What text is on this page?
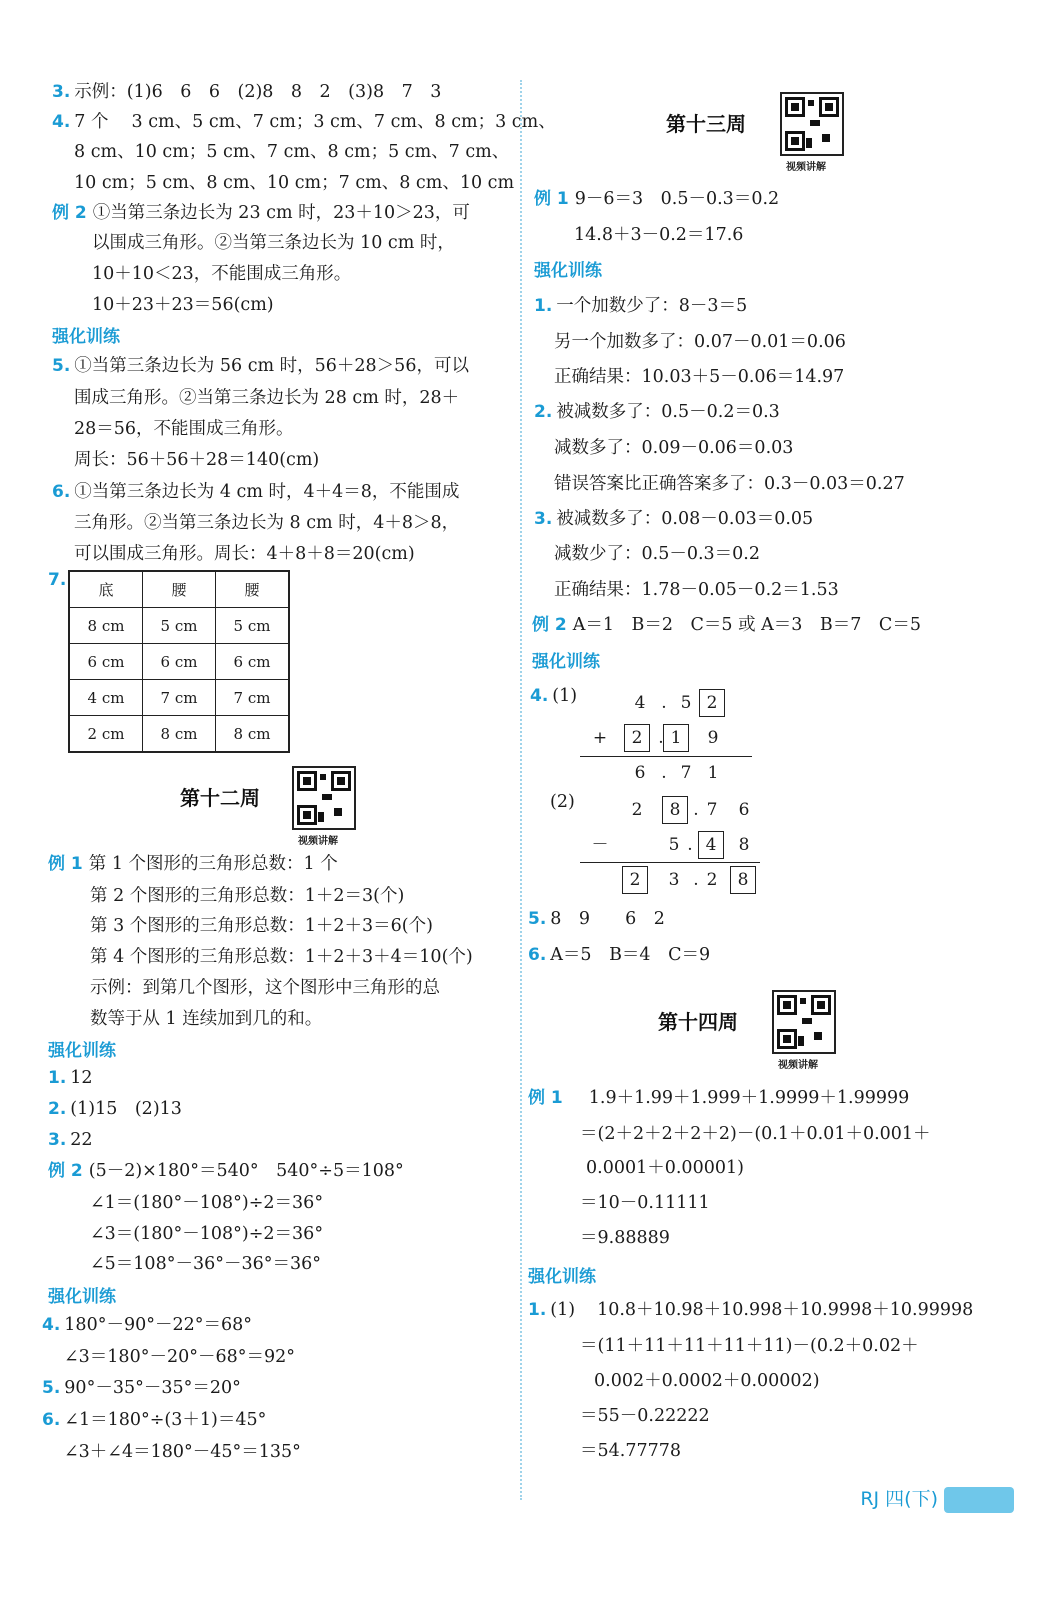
3. 示例：(1)6　6　6　(2)8　8　2　(3)8　7　3
4. 7 个　 3 cm、5 cm、7 cm；3 cm、7 cm、8 cm；3 cm、
8 cm、10 cm；5 cm、7 cm、8 cm；5 cm、7 cm、
10 cm；5 cm、8 cm、10 cm；7 cm、8 cm、10 cm
例 2 ①当第三条边长为 23 cm 时，23＋10＞23，可
以围成三角形。②当第三条边长为 10 cm 时，
10＋10＜23，不能围成三角形。
10＋23＋23＝56(cm)
强化训练
5. ①当第三条边长为 56 cm 时，56＋28＞56，可以
围成三角形。②当第三条边长为 28 cm 时，28＋
28＝56，不能围成三角形。
周长：56＋56＋28＝140(cm)
6. ①当第三条边长为 4 cm 时，4＋4＝8，不能围成
三角形。②当第三条边长为 8 cm 时，4＋8＞8，
可以围成三角形。周长：4＋8＋8＝20(cm)
7. 底	腰	腰
8 cm	5 cm	5 cm
6 cm	6 cm	6 cm
4 cm	7 cm	7 cm
2 cm	8 cm	8 cm
第十二周
视频讲解
例 1 第 1 个图形的三角形总数：1 个
第 2 个图形的三角形总数：1＋2＝3(个)
第 3 个图形的三角形总数：1＋2＋3＝6(个)
第 4 个图形的三角形总数：1＋2＋3＋4＝10(个)
示例：到第几个图形，这个图形中三角形的总
数等于从 1 连续加到几的和。
强化训练
1. 12
2. (1)15　(2)13
3. 22
例 2 (5－2)×180°＝540°　540°÷5＝108°
∠1＝(180°－108°)÷2＝36°
∠3＝(180°－108°)÷2＝36°
∠5＝108°－36°－36°＝36°
强化训练
4. 180°－90°－22°＝68°
∠3＝180°－20°－68°＝92°
5. 90°－35°－35°＝20°
6. ∠1＝180°÷(3＋1)＝45°
∠3＋∠4＝180°－45°＝135°
第十三周
视频讲解
例 1 9－6＝3　0.5－0.3＝0.2
14.8＋3－0.2＝17.6
强化训练
1. 一个加数少了：8－3＝5
另一个加数多了：0.07－0.01＝0.06
正确结果：10.03＋5－0.06＝14.97
2. 被减数多了：0.5－0.2＝0.3
减数多了：0.09－0.06＝0.03
错误答案比正确答案多了：0.3－0.03＝0.27
3. 被减数多了：0.08－0.03＝0.05
减数少了：0.5－0.3＝0.2
正确结果：1.78－0.05－0.2＝1.53
例 2 A＝1　B＝2　C＝5 或 A＝3　B＝7　C＝5
强化训练
4. (1)	4 . 5 2
+	2 . 1	9
6 . 7 1
(2)	2	8 . 7	6
－	5 . 4	8
2	3 . 2	8
5. 8　9　　6　2
6. A＝5　B＝4　C＝9
第十四周
视频讲解
例 1 1.9＋1.99＋1.999＋1.9999＋1.99999
＝(2＋2＋2＋2＋2)－(0.1＋0.01＋0.001＋
0.0001＋0.00001)
＝10－0.11111
＝9.88889
强化训练
1. (1) 10.8＋10.98＋10.998＋10.9998＋10.99998
＝(11＋11＋11＋11＋11)－(0.2＋0.02＋
0.002＋0.0002＋0.00002)
＝55－0.22222
＝54.77778
RJ 四(下)
